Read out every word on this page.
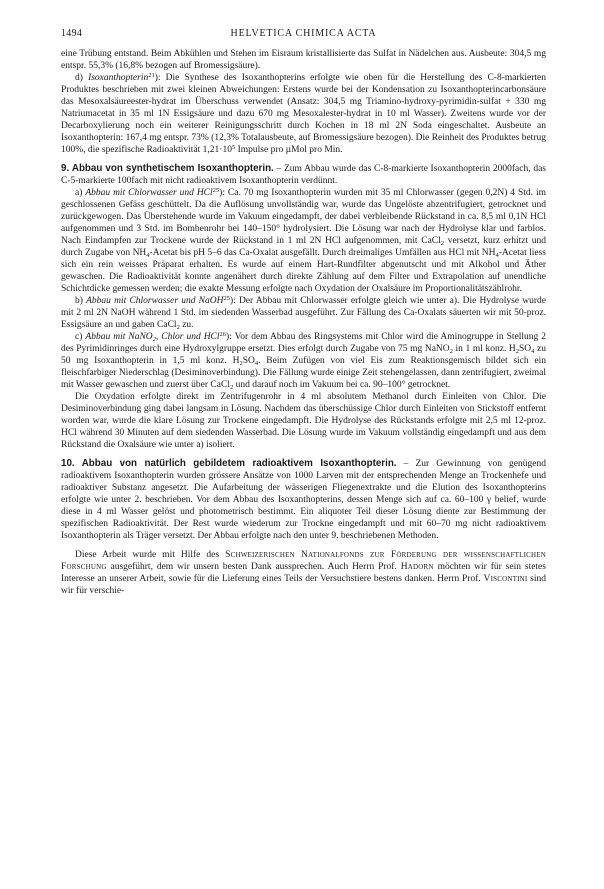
1494	HELVETICA CHIMICA ACTA

eine Trübung entstand. Beim Abkühlen und Stehen im Eisraum kristallisierte das Sulfat in Nädelchen aus. Ausbeute: 304,5 mg entspr. 55,3% (16,8% bezogen auf Bromessigsäure).

d) Isoxanthopterin$^{21}$): Die Synthese des Isoxanthopterins erfolgte wie oben für die Herstellung des C-8-markierten Produktes beschrieben mit zwei kleinen Abweichungen: Erstens wurde bei der Kondensation zu Isoxanthopterincarbonsäure das Mesoxalsäureester-hydrat im Überschuss verwendet (Ansatz: 304,5 mg Triamino-hydroxy-pyrimidin-sulfat + 330 mg Natriumacetat in 35 ml 1N Essigsäure und dazu 670 mg Mesoxalester-hydrat in 10 ml Wasser). Zweitens wurde vor der Decarboxylierung noch ein weiterer Reinigungsschritt durch Kochen in 18 ml 2N Soda eingeschaltet. Ausbeute an Isoxanthopterin: 167,4 mg entspr. 73% (12,3% Totalausbeute, auf Bromessigsäure bezogen). Die Reinheit des Produktes betrug 100%, die spezifische Radioaktivität $1,21\cdot 10^5$ Impulse pro µMol pro Min.

9. Abbau von synthetischem Isoxanthopterin. – Zum Abbau wurde das C-8-markierte Isoxanthopterin 2000fach, das C-5-markierte 100fach mit nicht radioaktivem Isoxanthopterin verdünnt.

a) Abbau mit Chlorwasser und HCl$^{25}$): Ca. 70 mg Isoxanthopterin wurden mit 35 ml Chlorwasser (gegen 0,2N) 4 Std. im geschlossenen Gefäss geschüttelt. Da die Auflösung unvollständig war, wurde das Ungelöste abzentrifugiert, getrocknet und zurückgewogen. Das Überstehende wurde im Vakuum eingedampft, der dabei verbleibende Rückstand in ca. 8,5 ml 0,1N HCl aufgenommen und 3 Std. im Bombenrohr bei 140–150° hydrolysiert. Die Lösung war nach der Hydrolyse klar und farblos. Nach Eindampfen zur Trockene wurde der Rückstand in 1 ml 2N HCl aufgenommen, mit CaCl$_2$ versetzt, kurz erhitzt und durch Zugabe von $NH_4$-Acetat bis pH 5–6 das Ca-Oxalat ausgefällt. Durch dreimaliges Umfällen aus HCl mit $NH_4$-Acetat liess sich ein rein weisses Präparat erhalten. Es wurde auf einem Hart-Rundfilter abgenutscht und mit Alkohol und Äther gewaschen. Die Radioaktivität konnte angenähert durch direkte Zählung auf dem Filter und Extrapolation auf unendliche Schichtdicke gemessen werden; die exakte Messung erfolgte nach Oxydation der Oxalsäure im Proportionalitätszählrohr.

b) Abbau mit Chlorwasser und NaOH$^{25}$): Der Abbau mit Chlorwasser erfolgte gleich wie unter a). Die Hydrolyse wurde mit 2 ml 2N NaOH während 1 Std. im siedenden Wasserbad ausgeführt. Zur Fällung des Ca-Oxalats säuerten wir mit 50-proz. Essigsäure an und gaben CaCl$_2$ zu.

c) Abbau mit NaNO$_2$, Chlor und HCl$^{26}$): Vor dem Abbau des Ringsystems mit Chlor wird die Aminogruppe in Stellung 2 des Pyrimidinringes durch eine Hydroxylgruppe ersetzt. Dies erfolgt durch Zugabe von 75 mg NaNO$_2$ in 1 ml konz. $H_2SO_4$ zu 50 mg Isoxanthopterin in 1,5 ml konz. $H_2SO_4$. Beim Zufügen von viel Eis zum Reaktionsgemisch bildet sich ein fleischfarbiger Niederschlag (Desiminoverbindung). Die Fällung wurde einige Zeit stehengelassen, dann zentrifugiert, zweimal mit Wasser gewaschen und zuerst über CaCl$_2$ und darauf noch im Vakuum bei ca. 90–100° getrocknet.

Die Oxydation erfolgte direkt im Zentrifugenrohr in 4 ml absolutem Methanol durch Einleiten von Chlor. Die Desiminoverbindung ging dabei langsam in Lösung. Nachdem das überschüssige Chlor durch Einleiten von Stickstoff entfernt worden war, wurde die klare Lösung zur Trockene eingedampft. Die Hydrolyse des Rückstands erfolgte mit 2,5 ml 12-proz. HCl während 30 Minuten auf dem siedenden Wasserbad. Die Lösung wurde im Vakuum vollständig eingedampft und aus dem Rückstand die Oxalsäure wie unter a) isoliert.

10. Abbau von natürlich gebildetem radioaktivem Isoxanthopterin. – Zur Gewinnung von genügend radioaktivem Isoxanthopterin wurden grössere Ansätze von 1000 Larven mit der entsprechenden Menge an Trockenhefe und radioaktiver Substanz angesetzt. Die Aufarbeitung der wässerigen Fliegenextrakte und die Elution des Isoxanthopterins erfolgte wie unter 2. beschrieben. Vor dem Abbau des Isoxanthopterins, dessen Menge sich auf ca. 60–100 γ belief, wurde diese in 4 ml Wasser gelöst und photometrisch bestimmt. Ein aliquoter Teil dieser Lösung diente zur Bestimmung der spezifischen Radioaktivität. Der Rest wurde wiederum zur Trockne eingedampft und mit 60–70 mg nicht radioaktivem Isoxanthopterin als Träger versetzt. Der Abbau erfolgte nach den unter 9. beschriebenen Methoden.

Diese Arbeit wurde mit Hilfe des Schweizerischen Nationalfonds zur Förderung der wissenschaftlichen Forschung ausgeführt, dem wir unsern besten Dank aussprechen. Auch Herrn Prof. Hadorn möchten wir für sein stetes Interesse an unserer Arbeit, sowie für die Lieferung eines Teils der Versuchstiere bestens danken. Herrn Prof. Viscontini sind wir für verschie-
